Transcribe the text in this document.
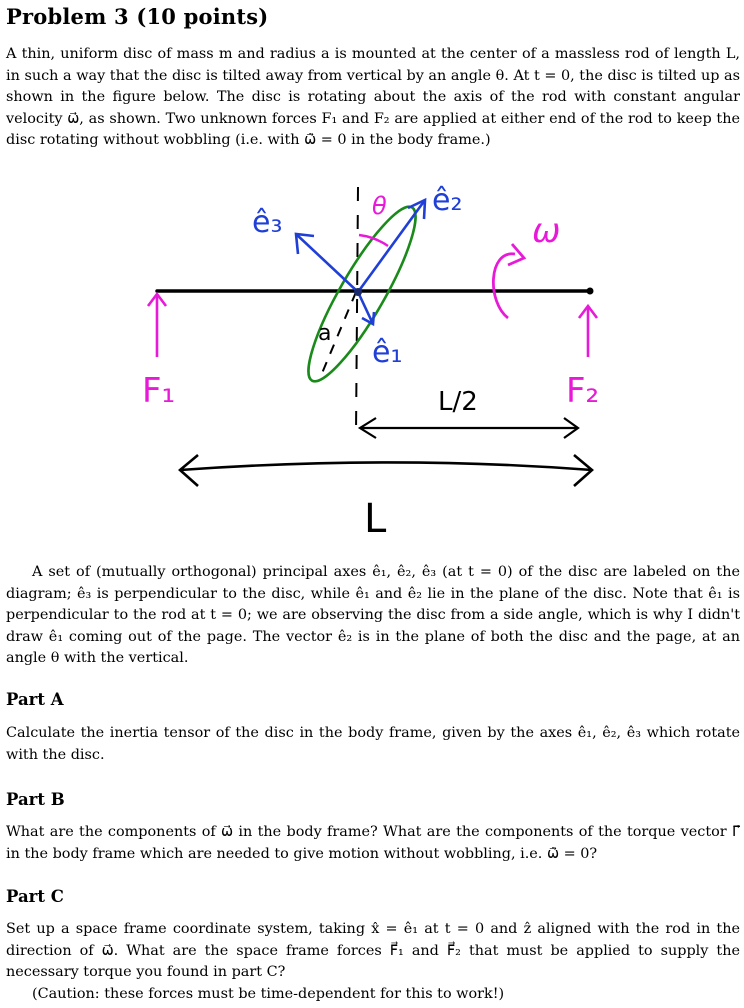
Problem 3 (10 points)
A thin, uniform disc of mass m and radius a is mounted at the center of a massless rod of length L, in such a way that the disc is tilted away from vertical by an angle θ. At t = 0, the disc is tilted up as shown in the figure below. The disc is rotating about the axis of the rod with constant angular velocity ω⃗, as shown. Two unknown forces F₁ and F₂ are applied at either end of the rod to keep the disc rotating without wobbling (i.e. with ω⃗̇ = 0 in the body frame.)
ê₃
ê₂
ê₁
θ
a
ω
F₁	F₂
L/2
L
A set of (mutually orthogonal) principal axes ê₁, ê₂, ê₃ (at t = 0) of the disc are labeled on the diagram; ê₃ is perpendicular to the disc, while ê₁ and ê₂ lie in the plane of the disc. Note that ê₁ is perpendicular to the rod at t = 0; we are observing the disc from a side angle, which is why I didn't draw ê₁ coming out of the page. The vector ê₂ is in the plane of both the disc and the page, at an angle θ with the vertical.
Part A
Calculate the inertia tensor of the disc in the body frame, given by the axes ê₁, ê₂, ê₃ which rotate with the disc.
Part B
What are the components of ω⃗ in the body frame? What are the components of the torque vector Γ⃗ in the body frame which are needed to give motion without wobbling, i.e. ω⃗̇ = 0?
Part C
Set up a space frame coordinate system, taking x̂ = ê₁ at t = 0 and ẑ aligned with the rod in the direction of ω⃗. What are the space frame forces F⃗₁ and F⃗₂ that must be applied to supply the necessary torque you found in part C?
(Caution: these forces must be time-dependent for this to work!)
